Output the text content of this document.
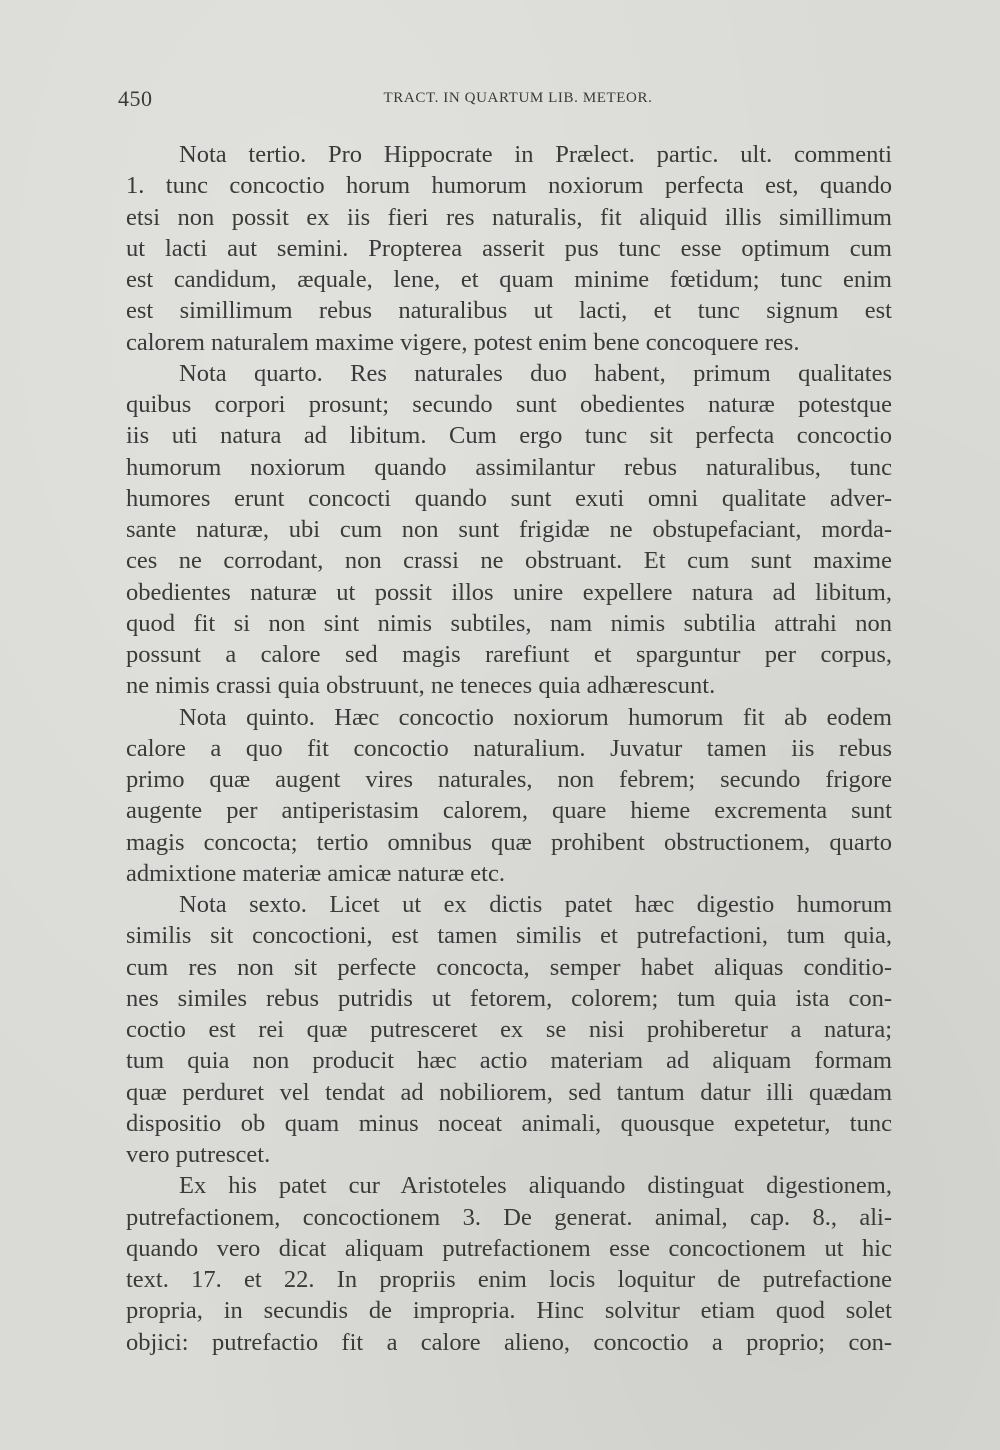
450	TRACT. IN QUARTUM LIB. METEOR.
Nota tertio. Pro Hippocrate in Prælect. partic. ult. commenti
1. tunc concoctio horum humorum noxiorum perfecta est, quando
etsi non possit ex iis fieri res naturalis, fit aliquid illis simillimum
ut lacti aut semini. Propterea asserit pus tunc esse optimum cum
est candidum, æquale, lene, et quam minime fœtidum; tunc enim
est simillimum rebus naturalibus ut lacti, et tunc signum est
calorem naturalem maxime vigere, potest enim bene concoquere res.
Nota quarto. Res naturales duo habent, primum qualitates
quibus corpori prosunt; secundo sunt obedientes naturæ potestque
iis uti natura ad libitum. Cum ergo tunc sit perfecta concoctio
humorum noxiorum quando assimilantur rebus naturalibus, tunc
humores erunt concocti quando sunt exuti omni qualitate adver-
sante naturæ, ubi cum non sunt frigidæ ne obstupefaciant, morda-
ces ne corrodant, non crassi ne obstruant. Et cum sunt maxime
obedientes naturæ ut possit illos unire expellere natura ad libitum,
quod fit si non sint nimis subtiles, nam nimis subtilia attrahi non
possunt a calore sed magis rarefiunt et sparguntur per corpus,
ne nimis crassi quia obstruunt, ne teneces quia adhærescunt.
Nota quinto. Hæc concoctio noxiorum humorum fit ab eodem
calore a quo fit concoctio naturalium. Juvatur tamen iis rebus
primo quæ augent vires naturales, non febrem; secundo frigore
augente per antiperistasim calorem, quare hieme excrementa sunt
magis concocta; tertio omnibus quæ prohibent obstructionem, quarto
admixtione materiæ amicæ naturæ etc.
Nota sexto. Licet ut ex dictis patet hæc digestio humorum
similis sit concoctioni, est tamen similis et putrefactioni, tum quia,
cum res non sit perfecte concocta, semper habet aliquas conditio-
nes similes rebus putridis ut fetorem, colorem; tum quia ista con-
coctio est rei quæ putresceret ex se nisi prohiberetur a natura;
tum quia non producit hæc actio materiam ad aliquam formam
quæ perduret vel tendat ad nobiliorem, sed tantum datur illi quædam
dispositio ob quam minus noceat animali, quousque expetetur, tunc
vero putrescet.
Ex his patet cur Aristoteles aliquando distinguat digestionem,
putrefactionem, concoctionem 3. De generat. animal, cap. 8., ali-
quando vero dicat aliquam putrefactionem esse concoctionem ut hic
text. 17. et 22. In propriis enim locis loquitur de putrefactione
propria, in secundis de impropria. Hinc solvitur etiam quod solet
objici: putrefactio fit a calore alieno, concoctio a proprio; con-
